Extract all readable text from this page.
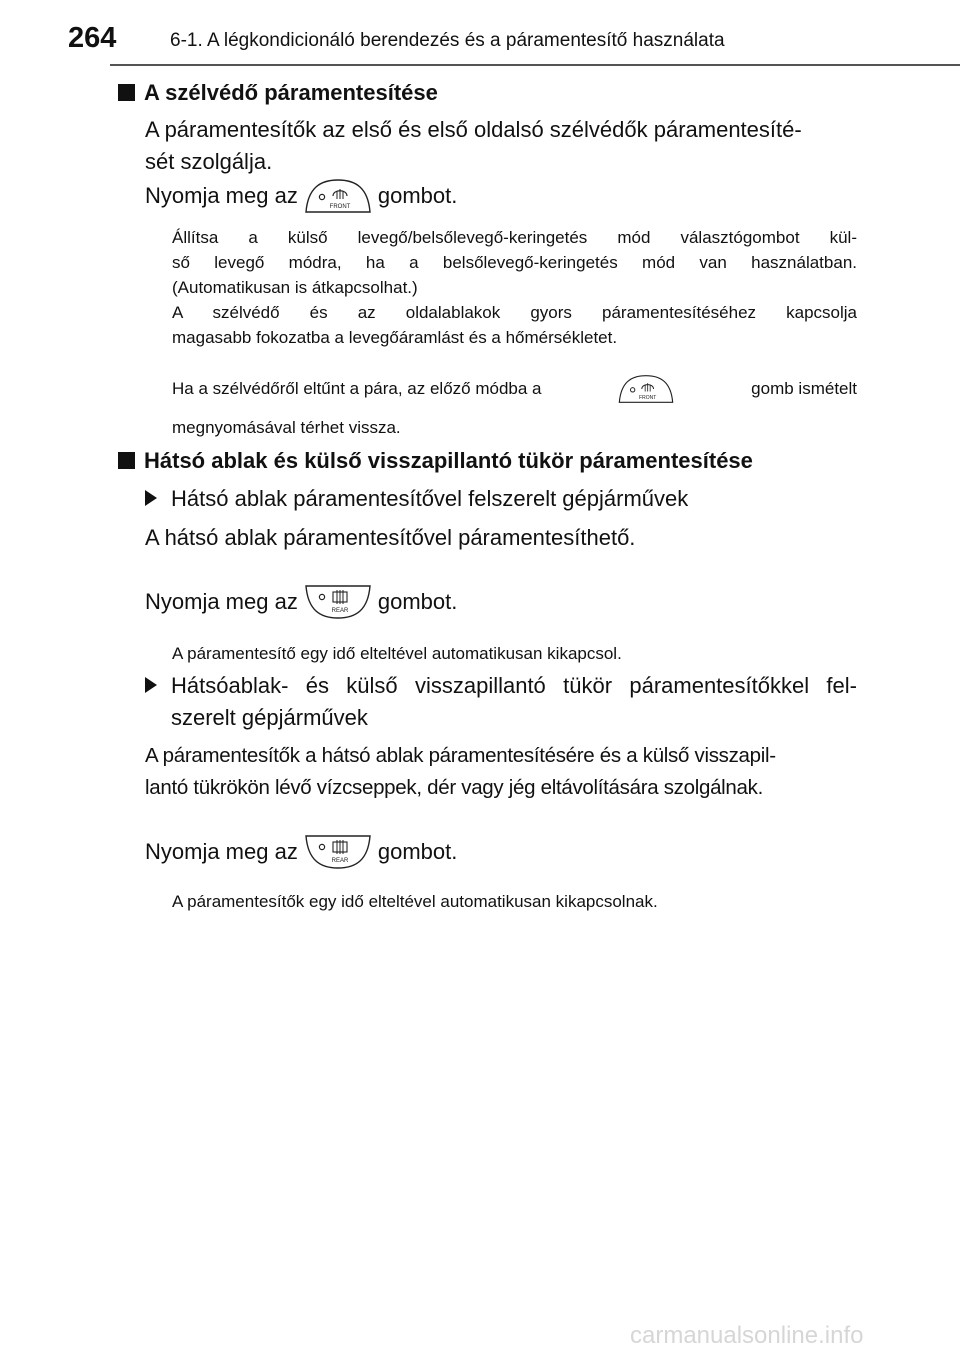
264	6-1. A légkondicionáló berendezés és a páramentesítő használata
A szélvédő páramentesítése
A páramentesítők az első és első oldalsó szélvédők páramentesíté-
sét szolgálja.
Nyomja meg az	FRONT gombot.
Állítsa a külső levegő/belsőlevegő-keringetés mód választógombot kül-
ső levegő módra, ha a belsőlevegő-keringetés mód van használatban.
(Automatikusan is átkapcsolhat.)
A szélvédő és az oldalablakok gyors páramentesítéséhez kapcsolja
magasabb fokozatba a levegőáramlást és a hőmérsékletet.
Ha a szélvédőről eltűnt a pára, az előző módba a	FRONT	gomb ismételt
megnyomásával térhet vissza.
Hátsó ablak és külső visszapillantó tükör páramentesítése
Hátsó ablak páramentesítővel felszerelt gépjárművek
A hátsó ablak páramentesítővel páramentesíthető.
Nyomja meg az	REAR gombot.
A páramentesítő egy idő elteltével automatikusan kikapcsol.
Hátsóablak- és külső visszapillantó tükör páramentesítőkkel fel-
szerelt gépjárművek
A páramentesítők a hátsó ablak páramentesítésére és a külső visszapil-
lantó tükrökön lévő vízcseppek, dér vagy jég eltávolítására szolgálnak.
Nyomja meg az	REAR gombot.
A páramentesítők egy idő elteltével automatikusan kikapcsolnak.
carmanualsonline.info
